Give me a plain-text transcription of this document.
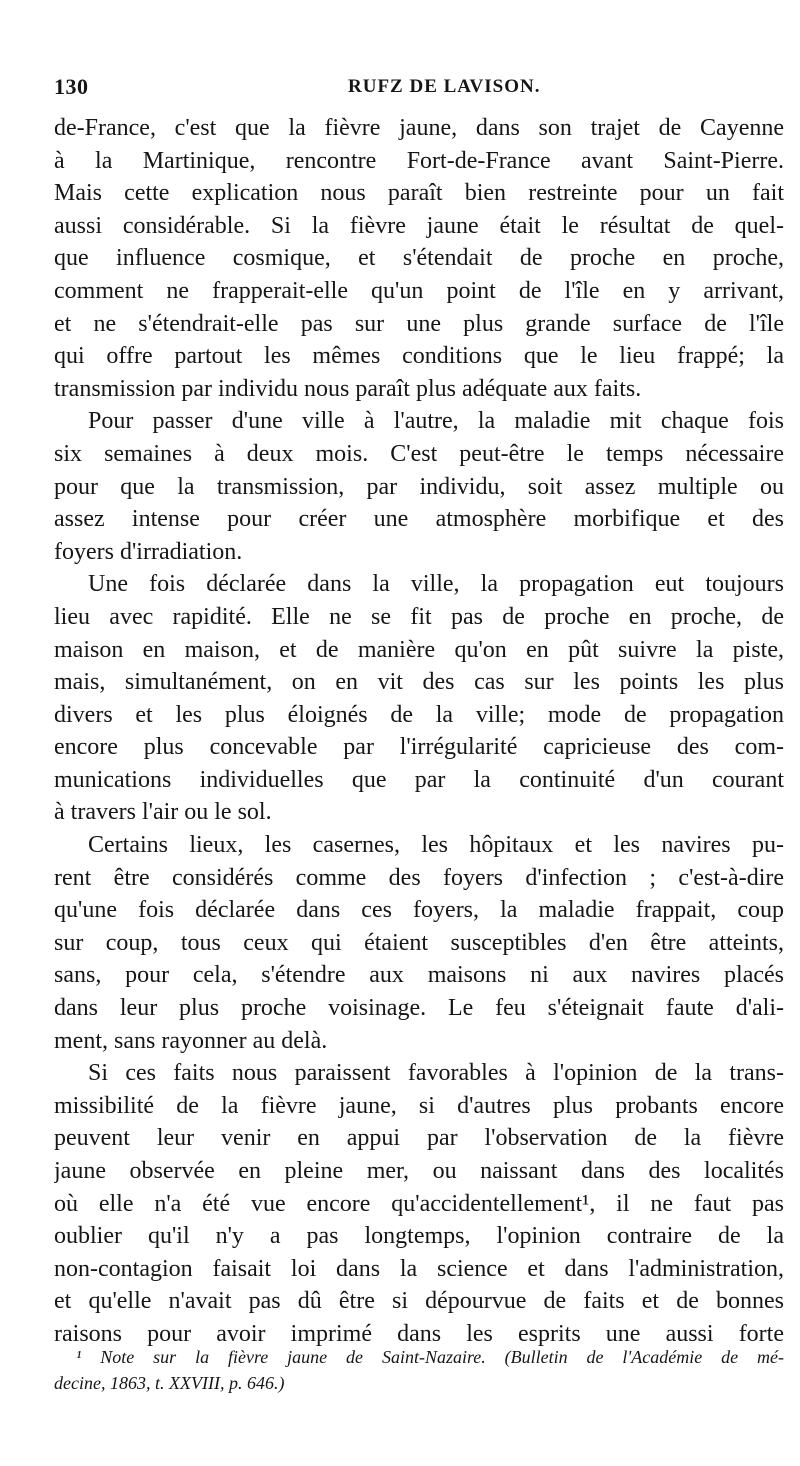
130	RUFZ DE LAVISON.
de-France, c'est que la fièvre jaune, dans son trajet de Cayenne
à la Martinique, rencontre Fort-de-France avant Saint-Pierre.
Mais cette explication nous paraît bien restreinte pour un fait
aussi considérable. Si la fièvre jaune était le résultat de quel-
que influence cosmique, et s'étendait de proche en proche,
comment ne frapperait-elle qu'un point de l'île en y arrivant,
et ne s'étendrait-elle pas sur une plus grande surface de l'île
qui offre partout les mêmes conditions que le lieu frappé; la
transmission par individu nous paraît plus adéquate aux faits.
Pour passer d'une ville à l'autre, la maladie mit chaque fois
six semaines à deux mois. C'est peut-être le temps nécessaire
pour que la transmission, par individu, soit assez multiple ou
assez intense pour créer une atmosphère morbifique et des
foyers d'irradiation.
Une fois déclarée dans la ville, la propagation eut toujours
lieu avec rapidité. Elle ne se fit pas de proche en proche, de
maison en maison, et de manière qu'on en pût suivre la piste,
mais, simultanément, on en vit des cas sur les points les plus
divers et les plus éloignés de la ville; mode de propagation
encore plus concevable par l'irrégularité capricieuse des com-
munications individuelles que par la continuité d'un courant
à travers l'air ou le sol.
Certains lieux, les casernes, les hôpitaux et les navires pu-
rent être considérés comme des foyers d'infection ; c'est-à-dire
qu'une fois déclarée dans ces foyers, la maladie frappait, coup
sur coup, tous ceux qui étaient susceptibles d'en être atteints,
sans, pour cela, s'étendre aux maisons ni aux navires placés
dans leur plus proche voisinage. Le feu s'éteignait faute d'ali-
ment, sans rayonner au delà.
Si ces faits nous paraissent favorables à l'opinion de la trans-
missibilité de la fièvre jaune, si d'autres plus probants encore
peuvent leur venir en appui par l'observation de la fièvre
jaune observée en pleine mer, ou naissant dans des localités
où elle n'a été vue encore qu'accidentellement¹, il ne faut pas
oublier qu'il n'y a pas longtemps, l'opinion contraire de la
non-contagion faisait loi dans la science et dans l'administration,
et qu'elle n'avait pas dû être si dépourvue de faits et de bonnes
raisons pour avoir imprimé dans les esprits une aussi forte
¹ Note sur la fièvre jaune de Saint-Nazaire. (Bulletin de l'Académie de mé-
decine, 1863, t. XXVIII, p. 646.)
